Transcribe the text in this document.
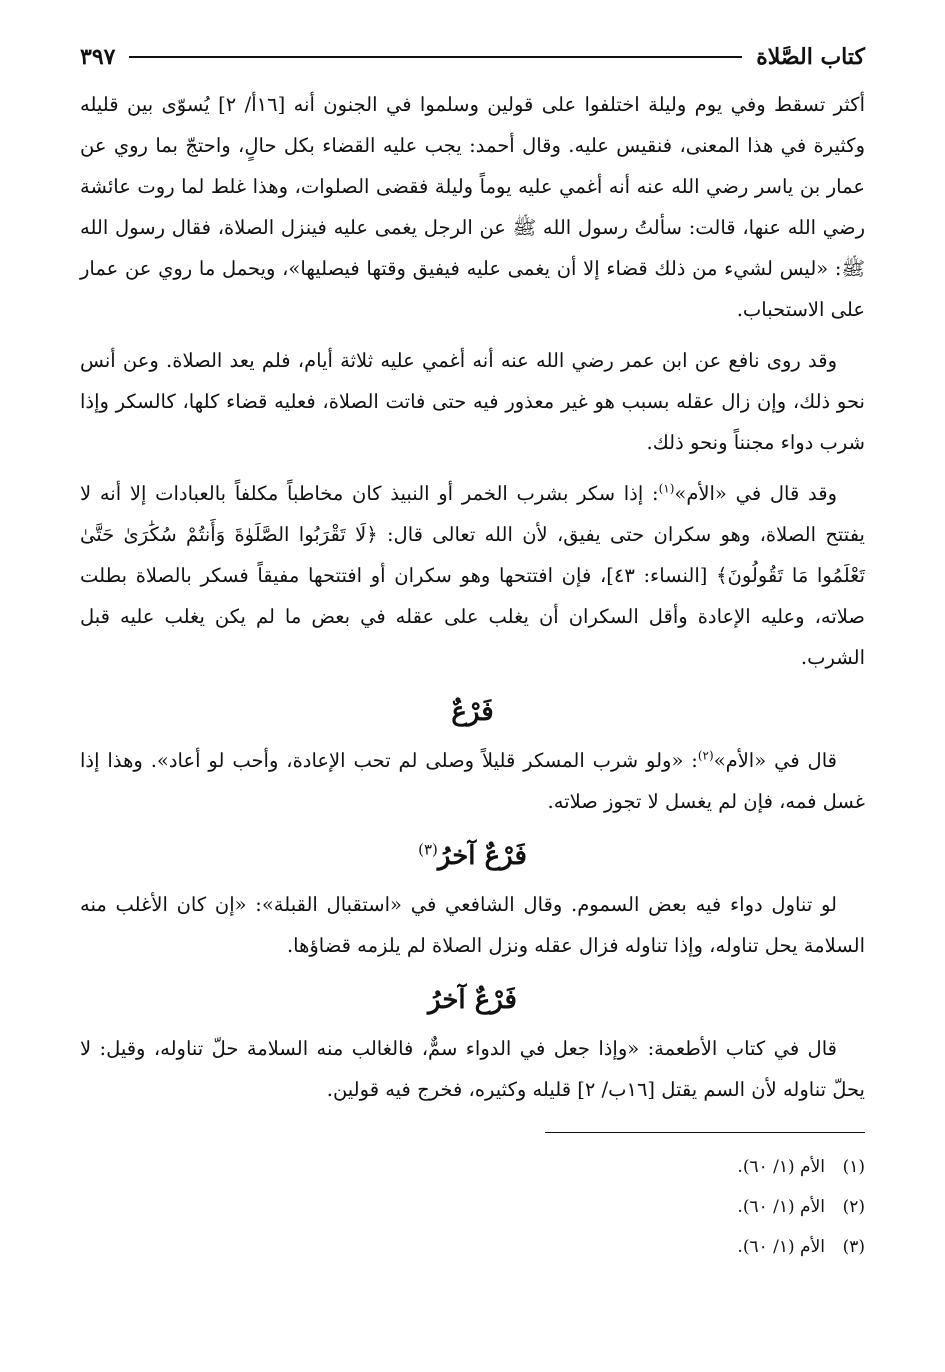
كتاب الصَّلاة
٣٩٧

أكثر تسقط وفي يوم وليلة اختلفوا على قولين وسلموا في الجنون أنه [١٦أ/ ٢] يُسوّى بين قليله وكثيرة في هذا المعنى، فنقيس عليه. وقال أحمد: يجب عليه القضاء بكل حالٍ، واحتجّ بما روي عن عمار بن ياسر رضي الله عنه أنه أغمي عليه يوماً وليلة فقضى الصلوات، وهذا غلط لما روت عائشة رضي الله عنها، قالت: سألتُ رسول الله ﷺ عن الرجل يغمى عليه فينزل الصلاة، فقال رسول الله ﷺ: «ليس لشيء من ذلك قضاء إلا أن يغمى عليه فيفيق وقتها فيصليها»، ويحمل ما روي عن عمار على الاستحباب.

وقد روى نافع عن ابن عمر رضي الله عنه أنه أغمي عليه ثلاثة أيام، فلم يعد الصلاة. وعن أنس نحو ذلك، وإن زال عقله بسبب هو غير معذور فيه حتى فاتت الصلاة، فعليه قضاء كلها، كالسكر وإذا شرب دواء مجنناً ونحو ذلك.

وقد قال في «الأم»$^{(١)}$: إذا سكر بشرب الخمر أو النبيذ كان مخاطباً مكلفاً بالعبادات إلا أنه لا يفتتح الصلاة، وهو سكران حتى يفيق، لأن الله تعالى قال: ﴿لَا تَقْرَبُوا الصَّلَوٰةَ وَأَنتُمْ سُكَٰرَىٰ حَتَّىٰ تَعْلَمُوا مَا تَقُولُونَ﴾ [النساء: ٤٣]، فإن افتتحها وهو سكران أو افتتحها مفيقاً فسكر بالصلاة بطلت صلاته، وعليه الإعادة وأقل السكران أن يغلب على عقله في بعض ما لم يكن يغلب عليه قبل الشرب.

فَرْعٌ

قال في «الأم»$^{(٢)}$: «ولو شرب المسكر قليلاً وصلى لم تحب الإعادة، وأحب لو أعاد». وهذا إذا غسل فمه، فإن لم يغسل لا تجوز صلاته.

فَرْعٌ آخرُ$^{(٣)}$

لو تناول دواء فيه بعض السموم. وقال الشافعي في «استقبال القبلة»: «إن كان الأغلب منه السلامة يحل تناوله، وإذا تناوله فزال عقله ونزل الصلاة لم يلزمه قضاؤها.

فَرْعٌ آخرُ

قال في كتاب الأطعمة: «وإذا جعل في الدواء سمٌّ، فالغالب منه السلامة حلّ تناوله، وقيل: لا يحلّ تناوله لأن السم يقتل [١٦ب/ ٢] قليله وكثيره، فخرج فيه قولين.

(١)الأم (١/ ٦٠).

(٢)الأم (١/ ٦٠).

(٣)الأم (١/ ٦٠).
